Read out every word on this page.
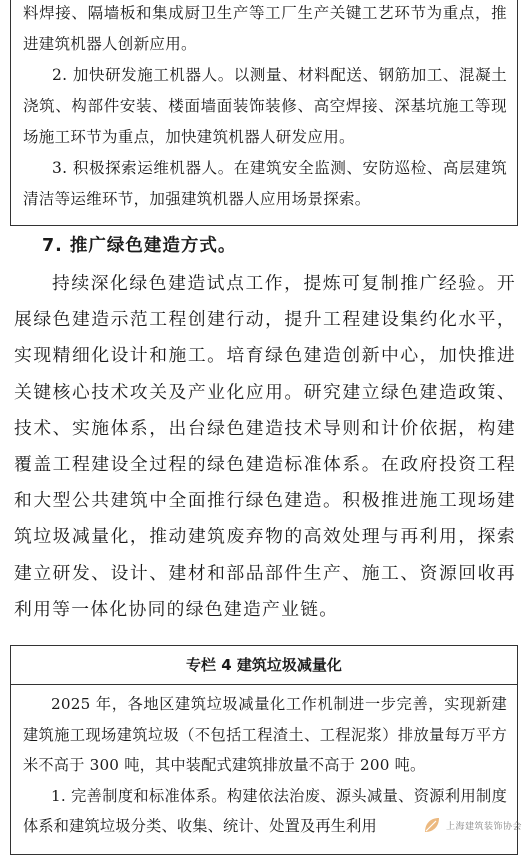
料焊接、隔墙板和集成厨卫生产等工厂生产关键工艺环节为重点，推进建筑机器人创新应用。

2. 加快研发施工机器人。以测量、材料配送、钢筋加工、混凝土浇筑、构部件安装、楼面墙面装饰装修、高空焊接、深基坑施工等现场施工环节为重点，加快建筑机器人研发应用。

3. 积极探索运维机器人。在建筑安全监测、安防巡检、高层建筑清洁等运维环节，加强建筑机器人应用场景探索。

7. 推广绿色建造方式。

持续深化绿色建造试点工作，提炼可复制推广经验。开展绿色建造示范工程创建行动，提升工程建设集约化水平，实现精细化设计和施工。培育绿色建造创新中心，加快推进关键核心技术攻关及产业化应用。研究建立绿色建造政策、技术、实施体系，出台绿色建造技术导则和计价依据，构建覆盖工程建设全过程的绿色建造标准体系。在政府投资工程和大型公共建筑中全面推行绿色建造。积极推进施工现场建筑垃圾减量化，推动建筑废弃物的高效处理与再利用，探索建立研发、设计、建材和部品部件生产、施工、资源回收再利用等一体化协同的绿色建造产业链。

专栏 4 建筑垃圾减量化

2025 年，各地区建筑垃圾减量化工作机制进一步完善，实现新建建筑施工现场建筑垃圾（不包括工程渣土、工程泥浆）排放量每万平方米不高于 300 吨，其中装配式建筑排放量不高于 200 吨。

1. 完善制度和标准体系。构建依法治废、源头减量、资源利用制度体系和建筑垃圾分类、收集、统计、处置及再生利用	上海建筑装饰协会
